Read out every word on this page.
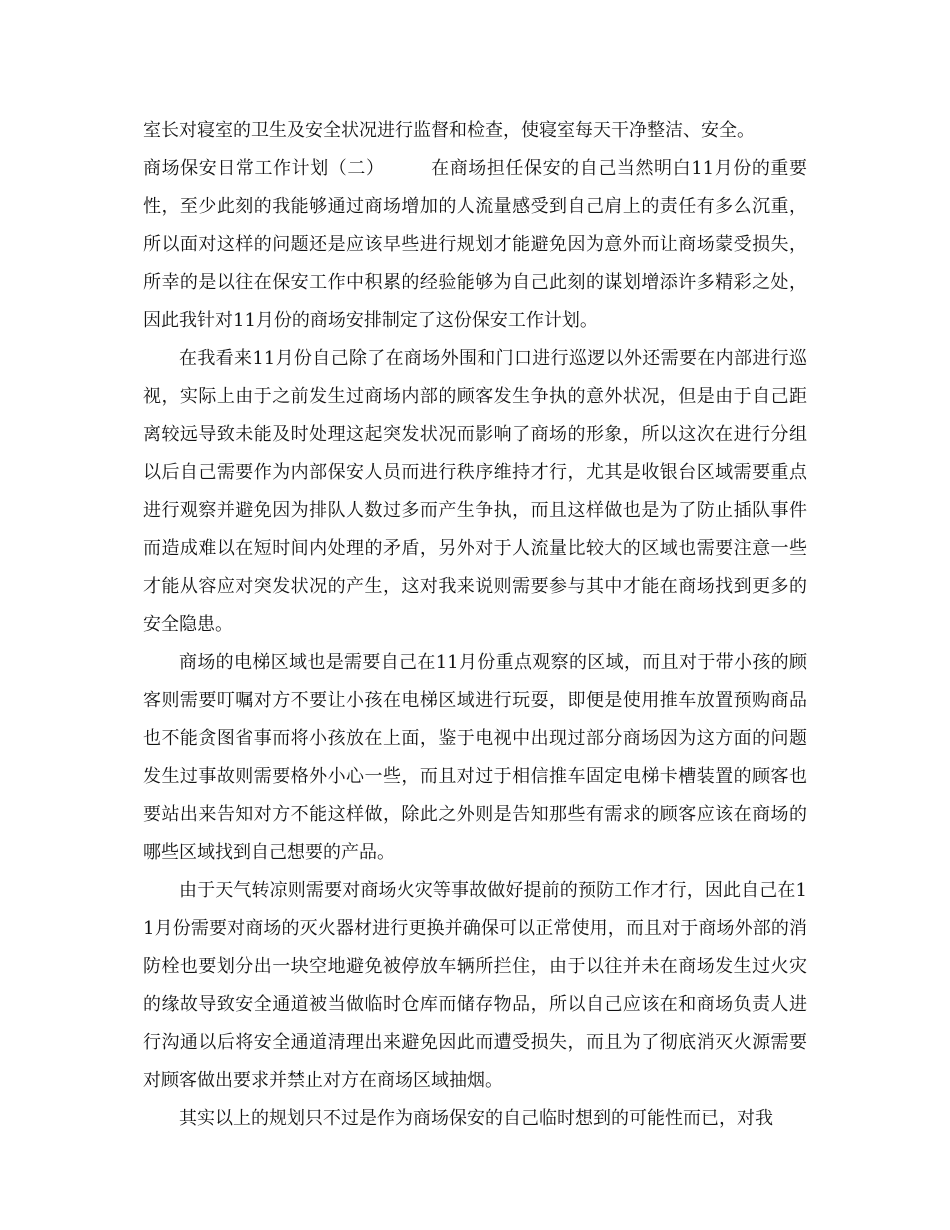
室长对寝室的卫生及安全状况进行监督和检查，使寝室每天干净整洁、安全。

商场保安日常工作计划（二）	在商场担任保安的自己当然明白11月份的重要性，至少此刻的我能够通过商场增加的人流量感受到自己肩上的责任有多么沉重，所以面对这样的问题还是应该早些进行规划才能避免因为意外而让商场蒙受损失，所幸的是以往在保安工作中积累的经验能够为自己此刻的谋划增添许多精彩之处，因此我针对11月份的商场安排制定了这份保安工作计划。

在我看来11月份自己除了在商场外围和门口进行巡逻以外还需要在内部进行巡视，实际上由于之前发生过商场内部的顾客发生争执的意外状况，但是由于自己距离较远导致未能及时处理这起突发状况而影响了商场的形象，所以这次在进行分组以后自己需要作为内部保安人员而进行秩序维持才行，尤其是收银台区域需要重点进行观察并避免因为排队人数过多而产生争执，而且这样做也是为了防止插队事件而造成难以在短时间内处理的矛盾，另外对于人流量比较大的区域也需要注意一些才能从容应对突发状况的产生，这对我来说则需要参与其中才能在商场找到更多的安全隐患。

商场的电梯区域也是需要自己在11月份重点观察的区域，而且对于带小孩的顾客则需要叮嘱对方不要让小孩在电梯区域进行玩耍，即便是使用推车放置预购商品也不能贪图省事而将小孩放在上面，鉴于电视中出现过部分商场因为这方面的问题发生过事故则需要格外小心一些，而且对过于相信推车固定电梯卡槽装置的顾客也要站出来告知对方不能这样做，除此之外则是告知那些有需求的顾客应该在商场的哪些区域找到自己想要的产品。

由于天气转凉则需要对商场火灾等事故做好提前的预防工作才行，因此自己在11月份需要对商场的灭火器材进行更换并确保可以正常使用，而且对于商场外部的消防栓也要划分出一块空地避免被停放车辆所拦住，由于以往并未在商场发生过火灾的缘故导致安全通道被当做临时仓库而储存物品，所以自己应该在和商场负责人进行沟通以后将安全通道清理出来避免因此而遭受损失，而且为了彻底消灭火源需要对顾客做出要求并禁止对方在商场区域抽烟。

其实以上的规划只不过是作为商场保安的自己临时想到的可能性而已，对我
